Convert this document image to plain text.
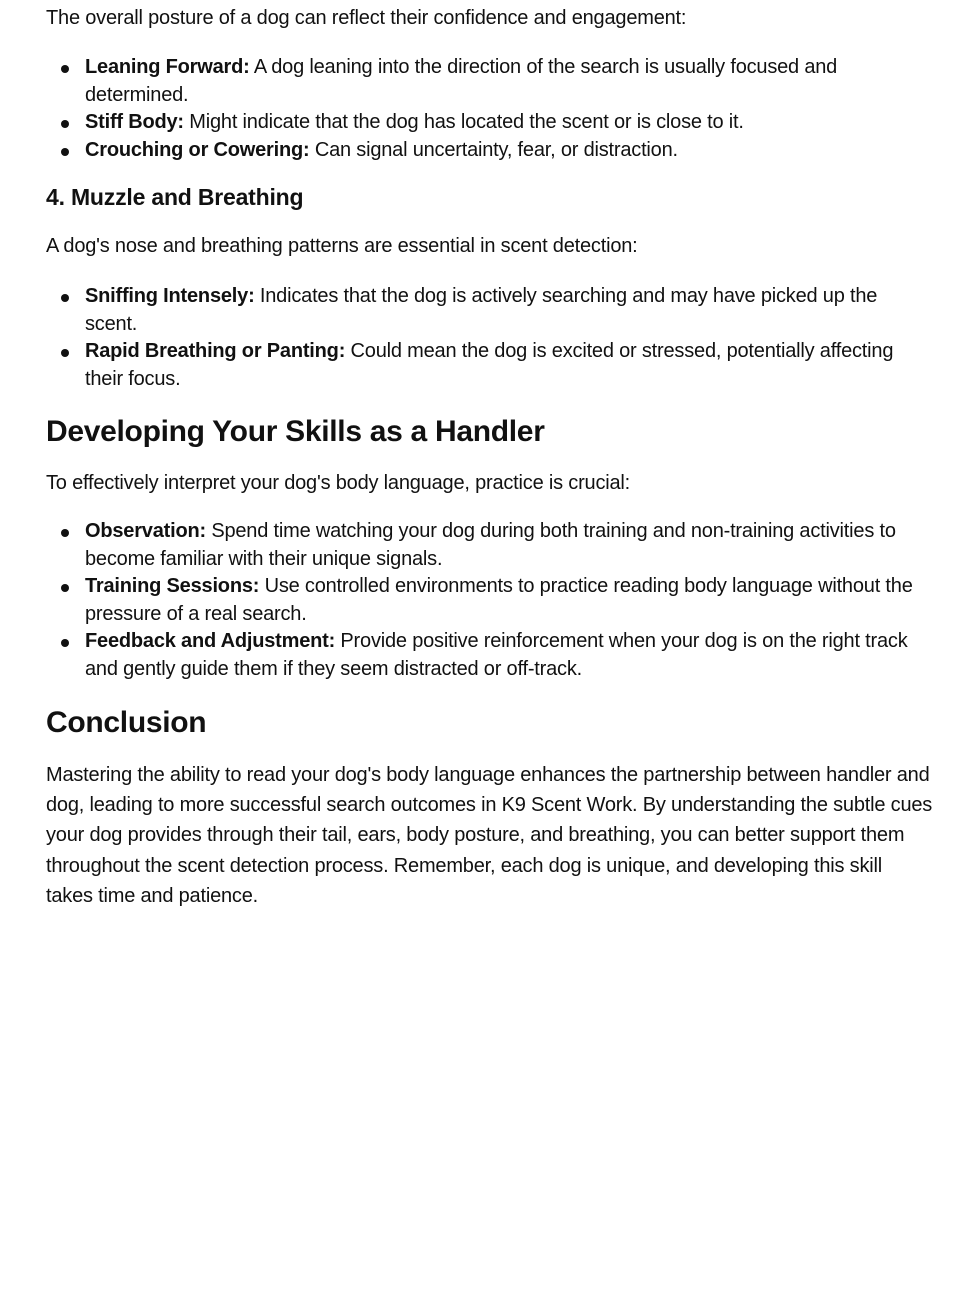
The overall posture of a dog can reflect their confidence and engagement:

Leaning Forward: A dog leaning into the direction of the search is usually focused and determined.
Stiff Body: Might indicate that the dog has located the scent or is close to it.
Crouching or Cowering: Can signal uncertainty, fear, or distraction.
4. Muzzle and Breathing

A dog's nose and breathing patterns are essential in scent detection:

Sniffing Intensely: Indicates that the dog is actively searching and may have picked up the scent.
Rapid Breathing or Panting: Could mean the dog is excited or stressed, potentially affecting their focus.
Developing Your Skills as a Handler

To effectively interpret your dog's body language, practice is crucial:

Observation: Spend time watching your dog during both training and non-training activities to become familiar with their unique signals.
Training Sessions: Use controlled environments to practice reading body language without the pressure of a real search.
Feedback and Adjustment: Provide positive reinforcement when your dog is on the right track and gently guide them if they seem distracted or off-track.
Conclusion

Mastering the ability to read your dog's body language enhances the partnership between handler and dog, leading to more successful search outcomes in K9 Scent Work. By understanding the subtle cues your dog provides through their tail, ears, body posture, and breathing, you can better support them throughout the scent detection process. Remember, each dog is unique, and developing this skill takes time and patience.
